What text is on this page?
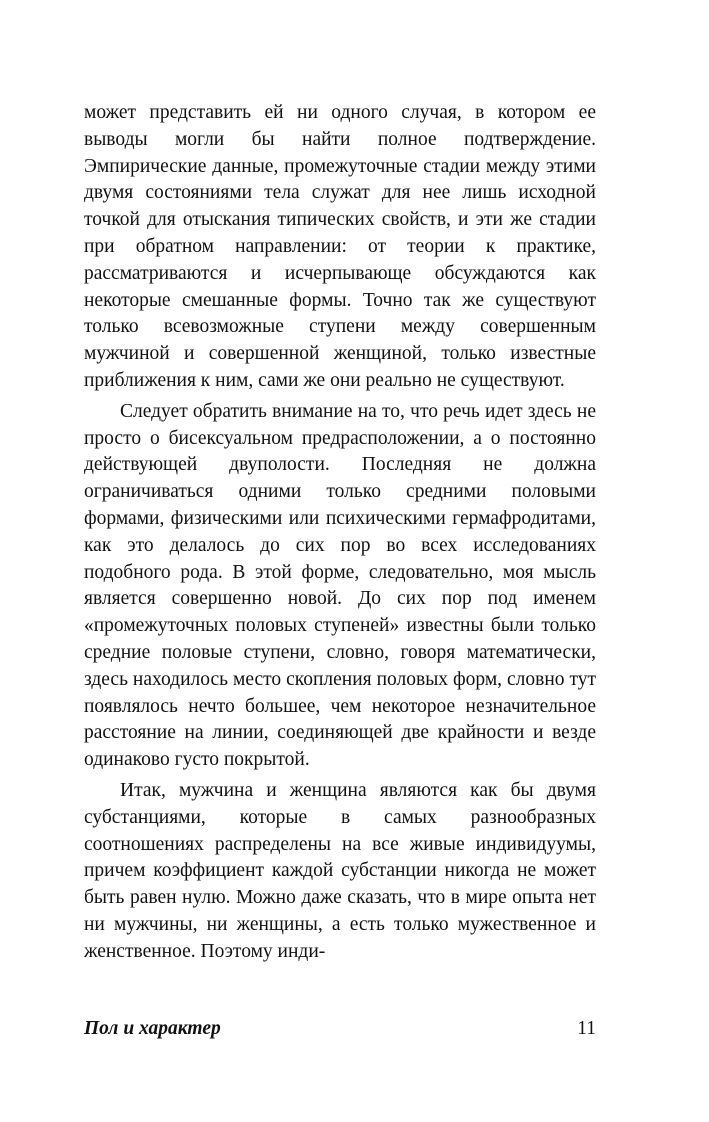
может представить ей ни одного случая, в котором ее выводы могли бы найти полное подтверждение. Эмпирические данные, промежуточные стадии между этими двумя состояниями тела служат для нее лишь исходной точкой для отыскания типических свойств, и эти же стадии при обратном направлении: от теории к практике, рассматриваются и исчерпывающе обсуждаются как некоторые смешанные формы. Точно так же существуют только всевозможные ступени между совершенным мужчиной и совершенной женщиной, только известные приближения к ним, сами же они реально не существуют.

Следует обратить внимание на то, что речь идет здесь не просто о бисексуальном предрасположении, а о постоянно действующей двуполости. Последняя не должна ограничиваться одними только средними половыми формами, физическими или психическими гермафродитами, как это делалось до сих пор во всех исследованиях подобного рода. В этой форме, следовательно, моя мысль является совершенно новой. До сих пор под именем «промежуточных половых ступеней» известны были только средние половые ступени, словно, говоря математически, здесь находилось место скопления половых форм, словно тут появлялось нечто большее, чем некоторое незначительное расстояние на линии, соединяющей две крайности и везде одинаково густо покрытой.

Итак, мужчина и женщина являются как бы двумя субстанциями, которые в самых разнообразных соотношениях распределены на все живые индивидуумы, причем коэффициент каждой субстанции никогда не может быть равен нулю. Можно даже сказать, что в мире опыта нет ни мужчины, ни женщины, а есть только мужественное и женственное. Поэтому инди-

Пол и характер	11
